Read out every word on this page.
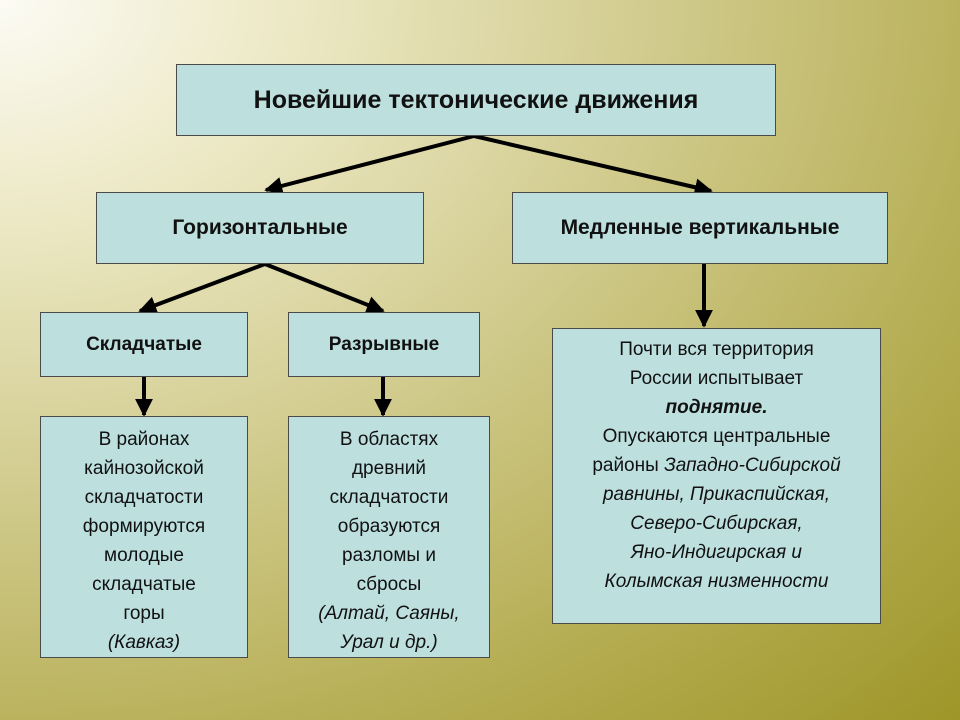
Новейшие тектонические движения
Горизонтальные	Медленные вертикальные
Складчатые	Разрывные
В районах
кайнозойской
складчатости
формируются
молодые
складчатые
горы
(Кавказ)
В областях
древний
складчатости
образуются
разломы и
сбросы
(Алтай, Саяны,
Урал и др.)
Почти вся территория
России испытывает
поднятие.
Опускаются центральные
районы Западно-Сибирской
равнины, Прикаспийская,
Северо-Сибирская,
Яно-Индигирская и
Колымская низменности
